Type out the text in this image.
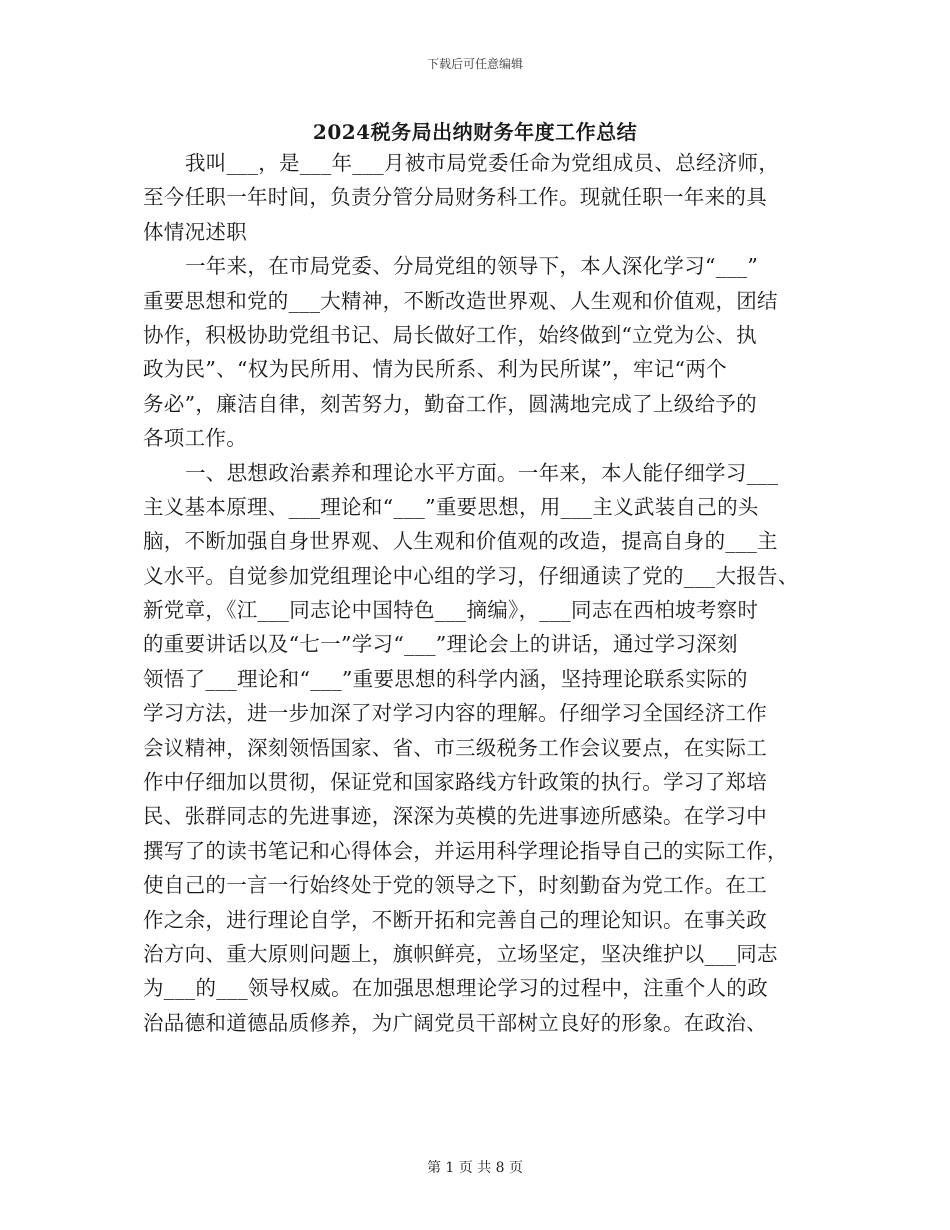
下载后可任意编辑
2024税务局出纳财务年度工作总结
我叫___，是___年___月被市局党委任命为党组成员、总经济师，
至今任职一年时间，负责分管分局财务科工作。现就任职一年来的具
体情况述职
一年来，在市局党委、分局党组的领导下，本人深化学习“___”
重要思想和党的___大精神，不断改造世界观、人生观和价值观，团结
协作，积极协助党组书记、局长做好工作，始终做到“立党为公、执
政为民”、“权为民所用、情为民所系、利为民所谋”，牢记“两个
务必”，廉洁自律，刻苦努力，勤奋工作，圆满地完成了上级给予的
各项工作。
一、思想政治素养和理论水平方面。一年来，本人能仔细学习___
主义基本原理、___理论和“___”重要思想，用___主义武装自己的头
脑，不断加强自身世界观、人生观和价值观的改造，提高自身的___主
义水平。自觉参加党组理论中心组的学习，仔细通读了党的___大报告、
新党章，《江___同志论中国特色___摘编》，___同志在西柏坡考察时
的重要讲话以及“七一”学习“___”理论会上的讲话，通过学习深刻
领悟了___理论和“___”重要思想的科学内涵，坚持理论联系实际的
学习方法，进一步加深了对学习内容的理解。仔细学习全国经济工作
会议精神，深刻领悟国家、省、市三级税务工作会议要点，在实际工
作中仔细加以贯彻，保证党和国家路线方针政策的执行。学习了郑培
民、张群同志的先进事迹，深深为英模的先进事迹所感染。在学习中
撰写了的读书笔记和心得体会，并运用科学理论指导自己的实际工作，
使自己的一言一行始终处于党的领导之下，时刻勤奋为党工作。在工
作之余，进行理论自学，不断开拓和完善自己的理论知识。在事关政
治方向、重大原则问题上，旗帜鲜亮，立场坚定，坚决维护以___同志
为___的___领导权威。在加强思想理论学习的过程中，注重个人的政
治品德和道德品质修养，为广阔党员干部树立良好的形象。在政治、
第 1 页 共 8 页
